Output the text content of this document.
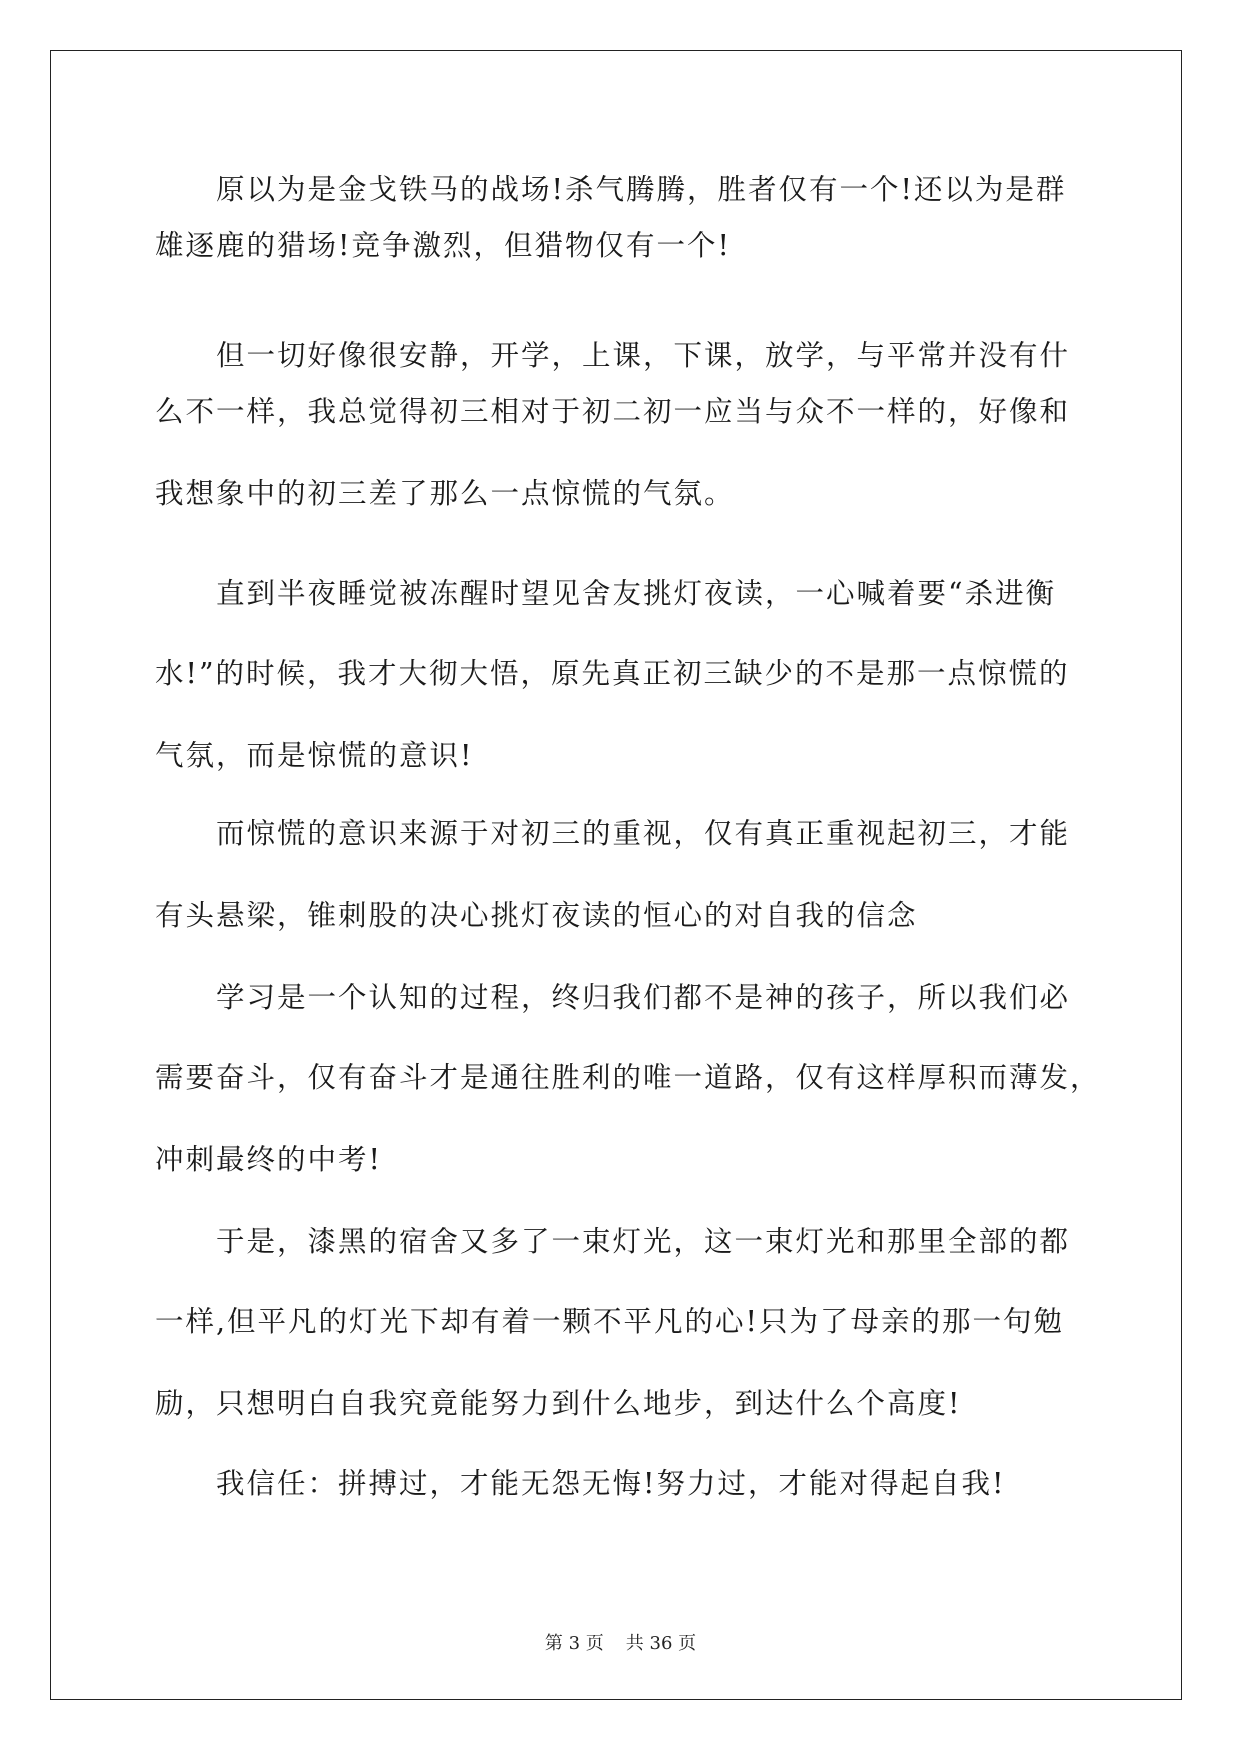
原以为是金戈铁马的战场!杀气腾腾，胜者仅有一个!还以为是群
雄逐鹿的猎场!竞争激烈，但猎物仅有一个!
但一切好像很安静，开学，上课，下课，放学，与平常并没有什
么不一样，我总觉得初三相对于初二初一应当与众不一样的，好像和
我想象中的初三差了那么一点惊慌的气氛。
直到半夜睡觉被冻醒时望见舍友挑灯夜读，一心喊着要“杀进衡
水!”的时候，我才大彻大悟，原先真正初三缺少的不是那一点惊慌的
气氛，而是惊慌的意识!
而惊慌的意识来源于对初三的重视，仅有真正重视起初三，才能
有头悬梁，锥刺股的决心挑灯夜读的恒心的对自我的信念
学习是一个认知的过程，终归我们都不是神的孩子，所以我们必
需要奋斗，仅有奋斗才是通往胜利的唯一道路，仅有这样厚积而薄发，
冲刺最终的中考!
于是，漆黑的宿舍又多了一束灯光，这一束灯光和那里全部的都
一样,但平凡的灯光下却有着一颗不平凡的心!只为了母亲的那一句勉
励，只想明白自我究竟能努力到什么地步，到达什么个高度!
我信任：拼搏过，才能无怨无悔!努力过，才能对得起自我!
第 3 页 共 36 页
